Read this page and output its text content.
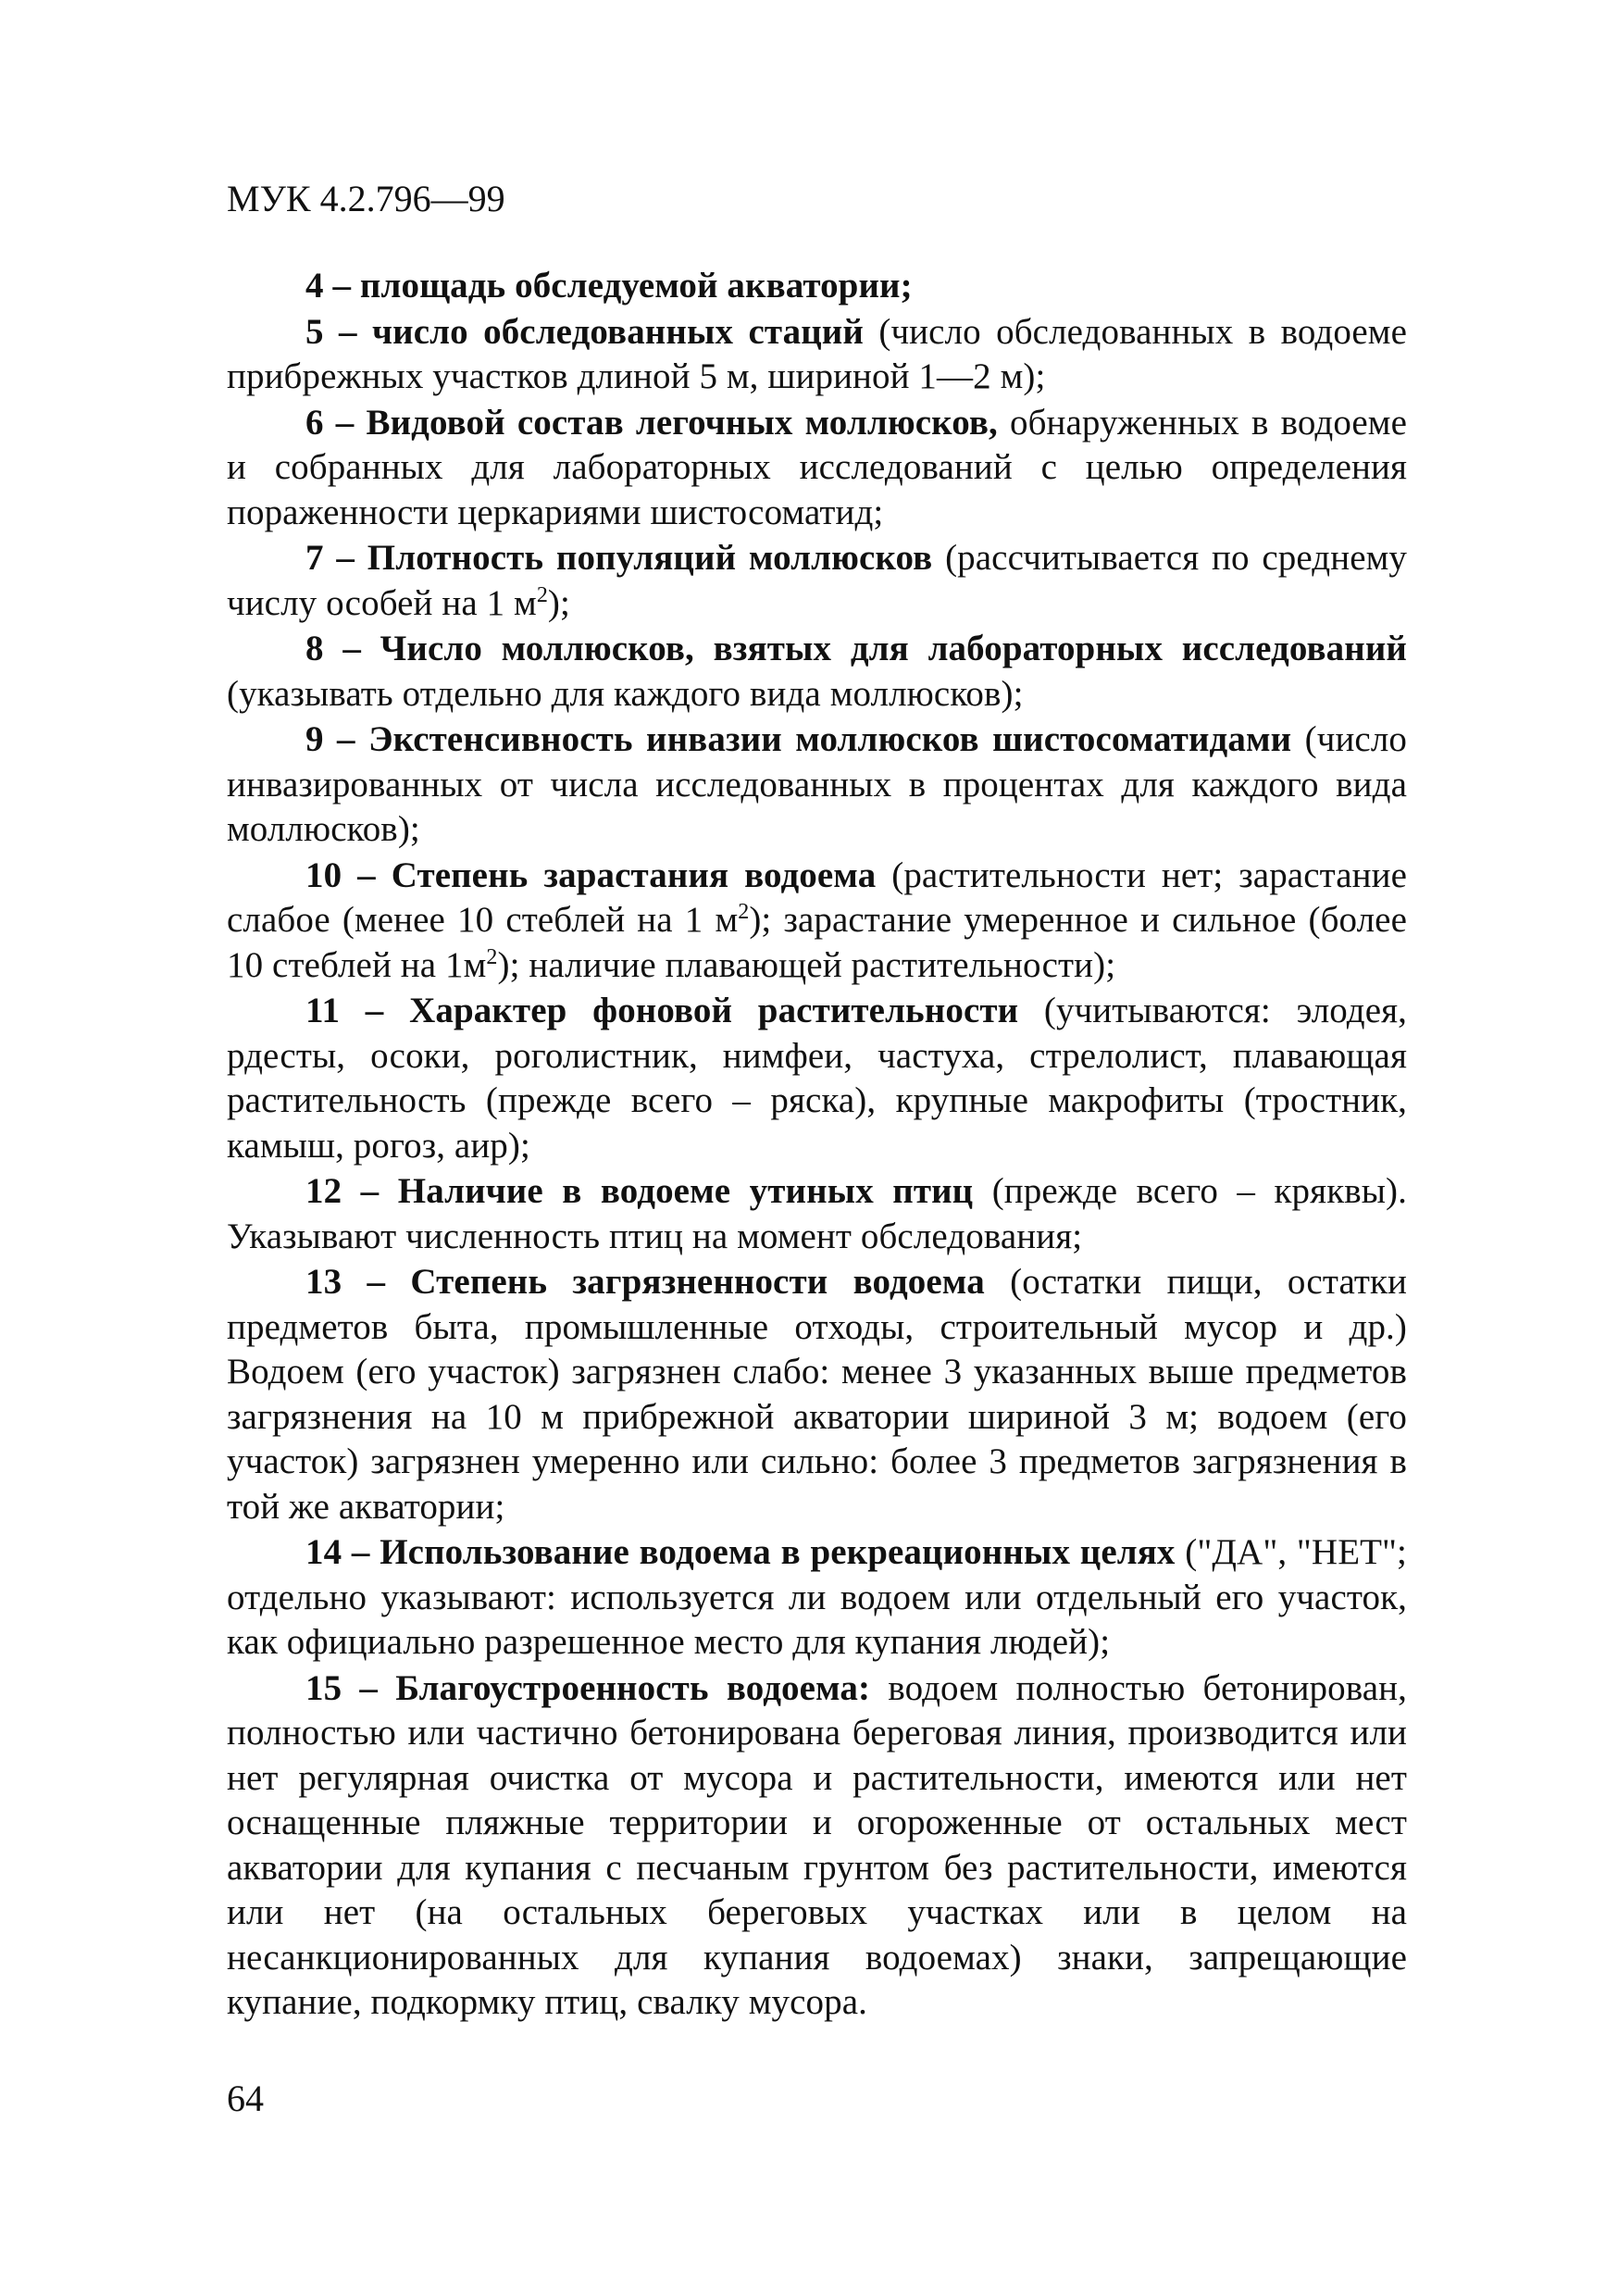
МУК 4.2.796—99

4 – площадь обследуемой акватории;

5 – число обследованных стаций (число обследованных в водоеме прибрежных участков длиной 5 м, шириной 1—2 м);

6 – Видовой состав легочных моллюсков, обнаруженных в водоеме и собранных для лабораторных исследований с целью определения пораженности церкариями шистосоматид;

7 – Плотность популяций моллюсков (рассчитывается по среднему числу особей на 1 $м^2$);

8 – Число моллюсков, взятых для лабораторных исследований (указывать отдельно для каждого вида моллюсков);

9 – Экстенсивность инвазии моллюсков шистосоматидами (число инвазированных от числа исследованных в процентах для каждого вида моллюсков);

10 – Степень зарастания водоема (растительности нет; зарастание слабое (менее 10 стеблей на 1 $м^2$); зарастание умеренное и сильное (более 10 стеблей на $1м^2$); наличие плавающей растительности);

11 – Характер фоновой растительности (учитываются: элодея, рдесты, осоки, роголистник, нимфеи, частуха, стрелолист, плавающая растительность (прежде всего – ряска), крупные макрофиты (тростник, камыш, рогоз, аир);

12 – Наличие в водоеме утиных птиц (прежде всего – кряквы). Указывают численность птиц на момент обследования;

13 – Степень загрязненности водоема (остатки пищи, остатки предметов быта, промышленные отходы, строительный мусор и др.) Водоем (его участок) загрязнен слабо: менее 3 указанных выше предметов загрязнения на 10 м прибрежной акватории шириной 3 м; водоем (его участок) загрязнен умеренно или сильно: более 3 предметов загрязнения в той же акватории;

14 – Использование водоема в рекреационных целях ("ДА", "НЕТ"; отдельно указывают: используется ли водоем или отдельный его участок, как официально разрешенное место для купания людей);

15 – Благоустроенность водоема: водоем полностью бетонирован, полностью или частично бетонирована береговая линия, производится или нет регулярная очистка от мусора и растительности, имеются или нет оснащенные пляжные территории и огороженные от остальных мест акватории для купания с песчаным грунтом без растительности, имеются или нет (на остальных береговых участках или в целом на несанкционированных для купания водоемах) знаки, запрещающие купание, подкормку птиц, свалку мусора.

64
